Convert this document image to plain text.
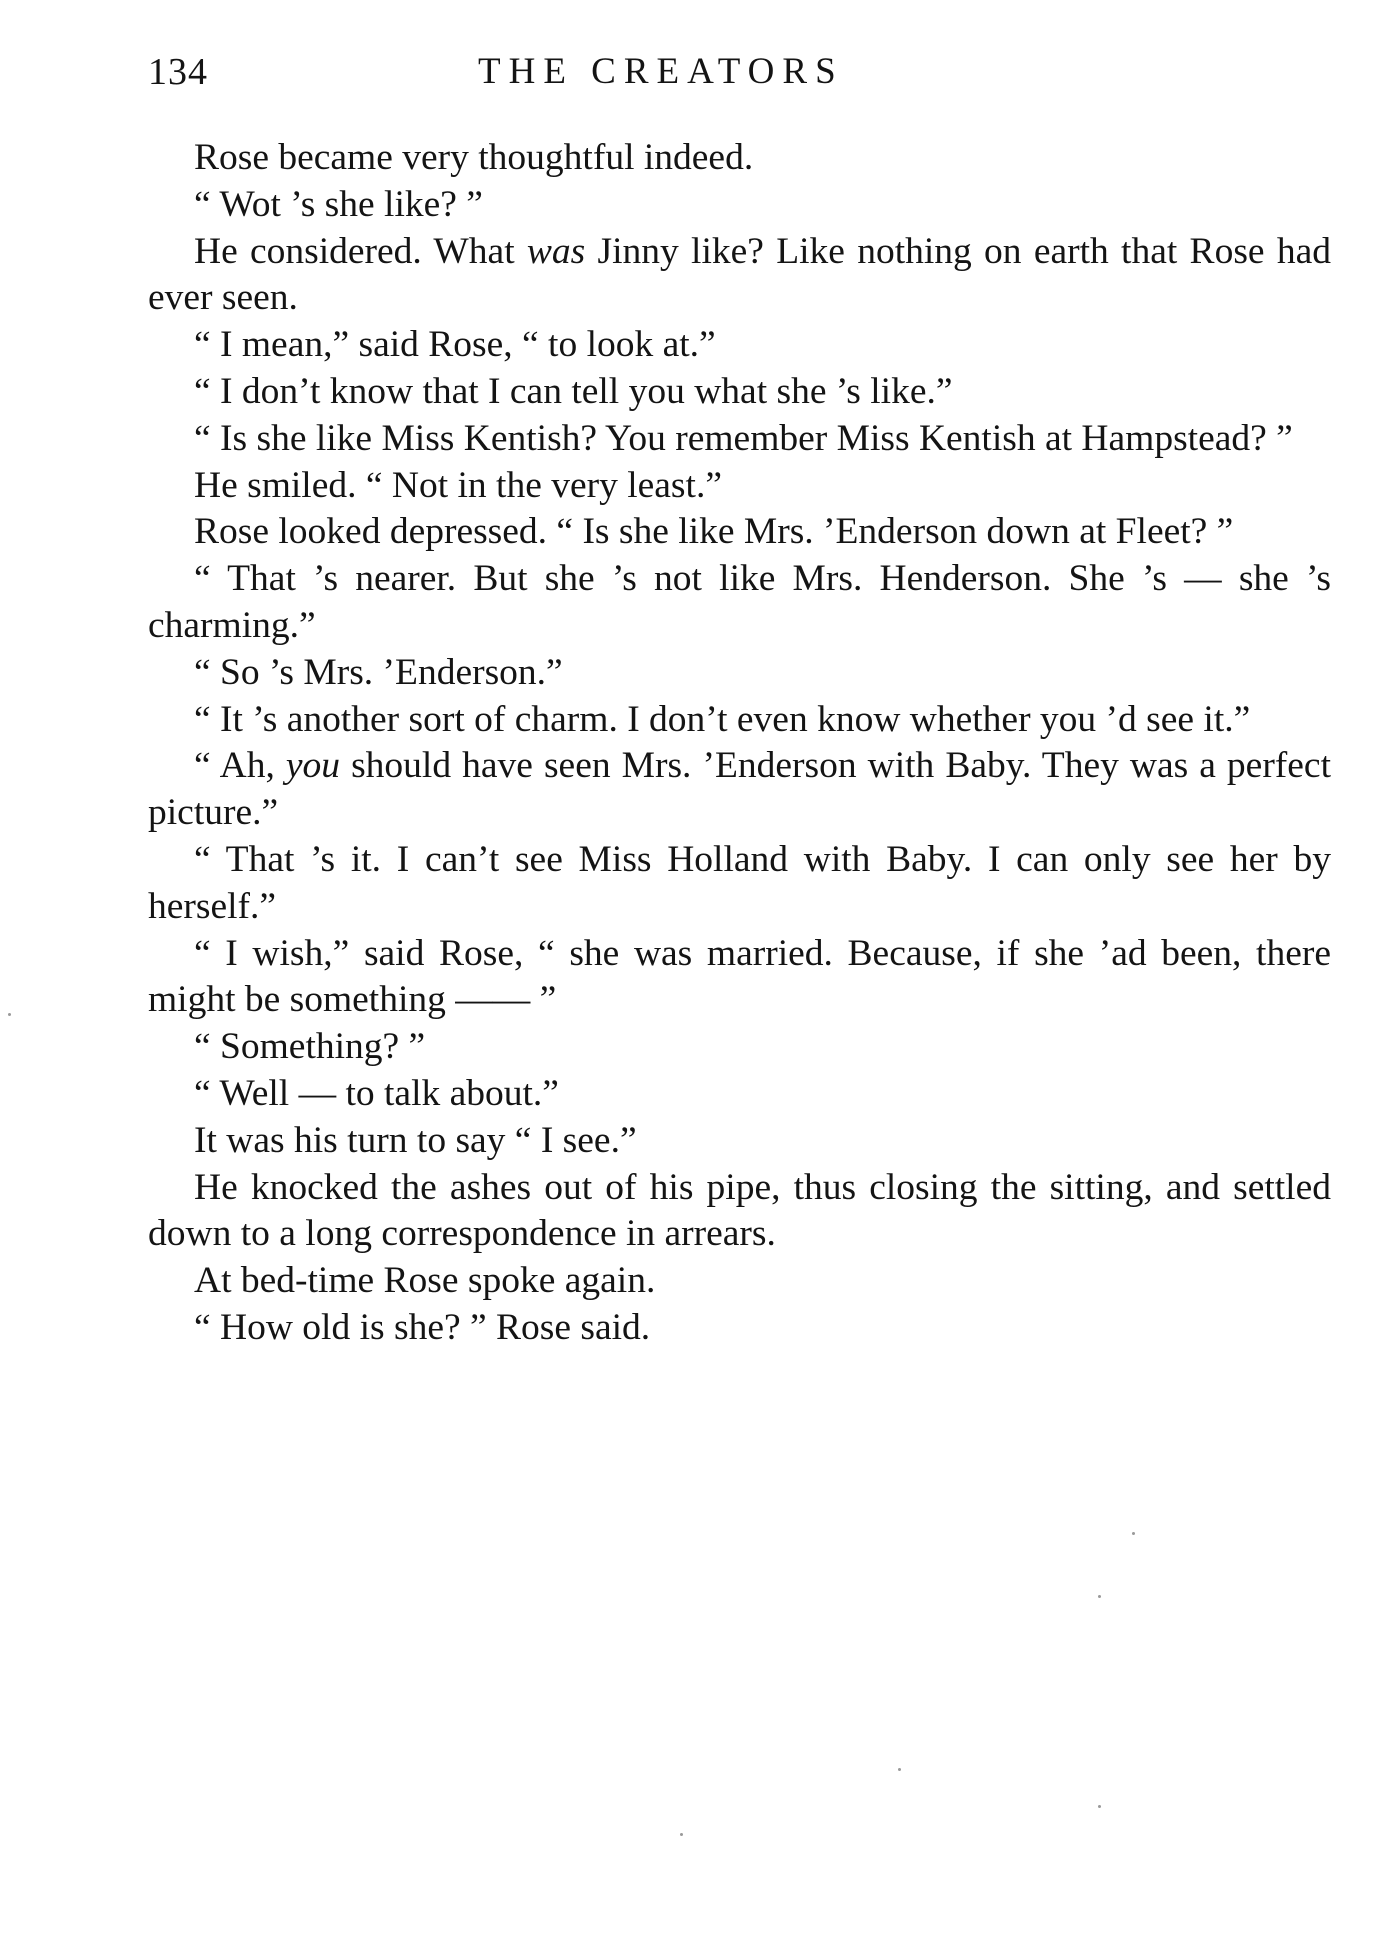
134	THE CREATORS

Rose became very thoughtful indeed.

“ Wot ’s she like? ”

He considered. What was Jinny like? Like nothing on earth that Rose had ever seen.

“ I mean,” said Rose, “ to look at.”

“ I don’t know that I can tell you what she ’s like.”

“ Is she like Miss Kentish? You remember Miss Kentish at Hampstead? ”

He smiled. “ Not in the very least.”

Rose looked depressed. “ Is she like Mrs. ’Enderson down at Fleet? ”

“ That ’s nearer. But she ’s not like Mrs. Henderson. She ’s — she ’s charming.”

“ So ’s Mrs. ’Enderson.”

“ It ’s another sort of charm. I don’t even know whether you ’d see it.”

“ Ah, you should have seen Mrs. ’Enderson with Baby. They was a perfect picture.”

“ That ’s it. I can’t see Miss Holland with Baby. I can only see her by herself.”

“ I wish,” said Rose, “ she was married. Because, if she ’ad been, there might be something —— ”

“ Something? ”

“ Well — to talk about.”

It was his turn to say “ I see.”

He knocked the ashes out of his pipe, thus closing the sitting, and settled down to a long correspondence in arrears.

At bed-time Rose spoke again.

“ How old is she? ” Rose said.
